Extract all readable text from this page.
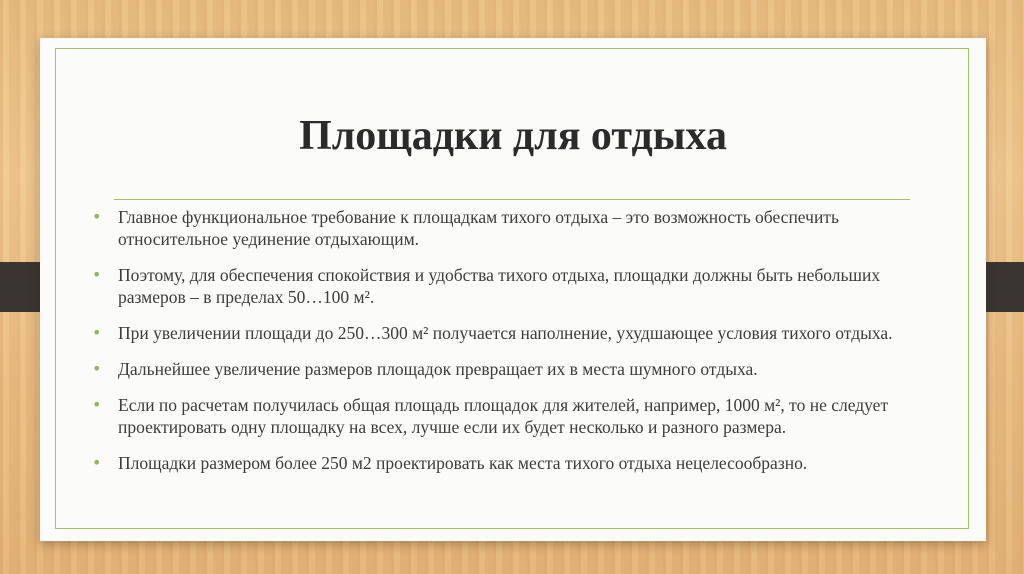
Площадки для отдыха
• Главное функциональное требование к площадкам тихого отдыха – это возможность обеспечить относительное уединение отдыхающим.
• Поэтому, для обеспечения спокойствия и удобства тихого отдыха, площадки должны быть небольших размеров – в пределах 50…100 м².
• При увеличении площади до 250…300 м² получается наполнение, ухудшающее условия тихого отдыха.
• Дальнейшее увеличение размеров площадок превращает их в места шумного отдыха.
• Если по расчетам получилась общая площадь площадок для жителей, например, 1000 м², то не следует проектировать одну площадку на всех, лучше если их будет несколько и разного размера.
• Площадки размером более 250 м2 проектировать как места тихого отдыха нецелесообразно.
